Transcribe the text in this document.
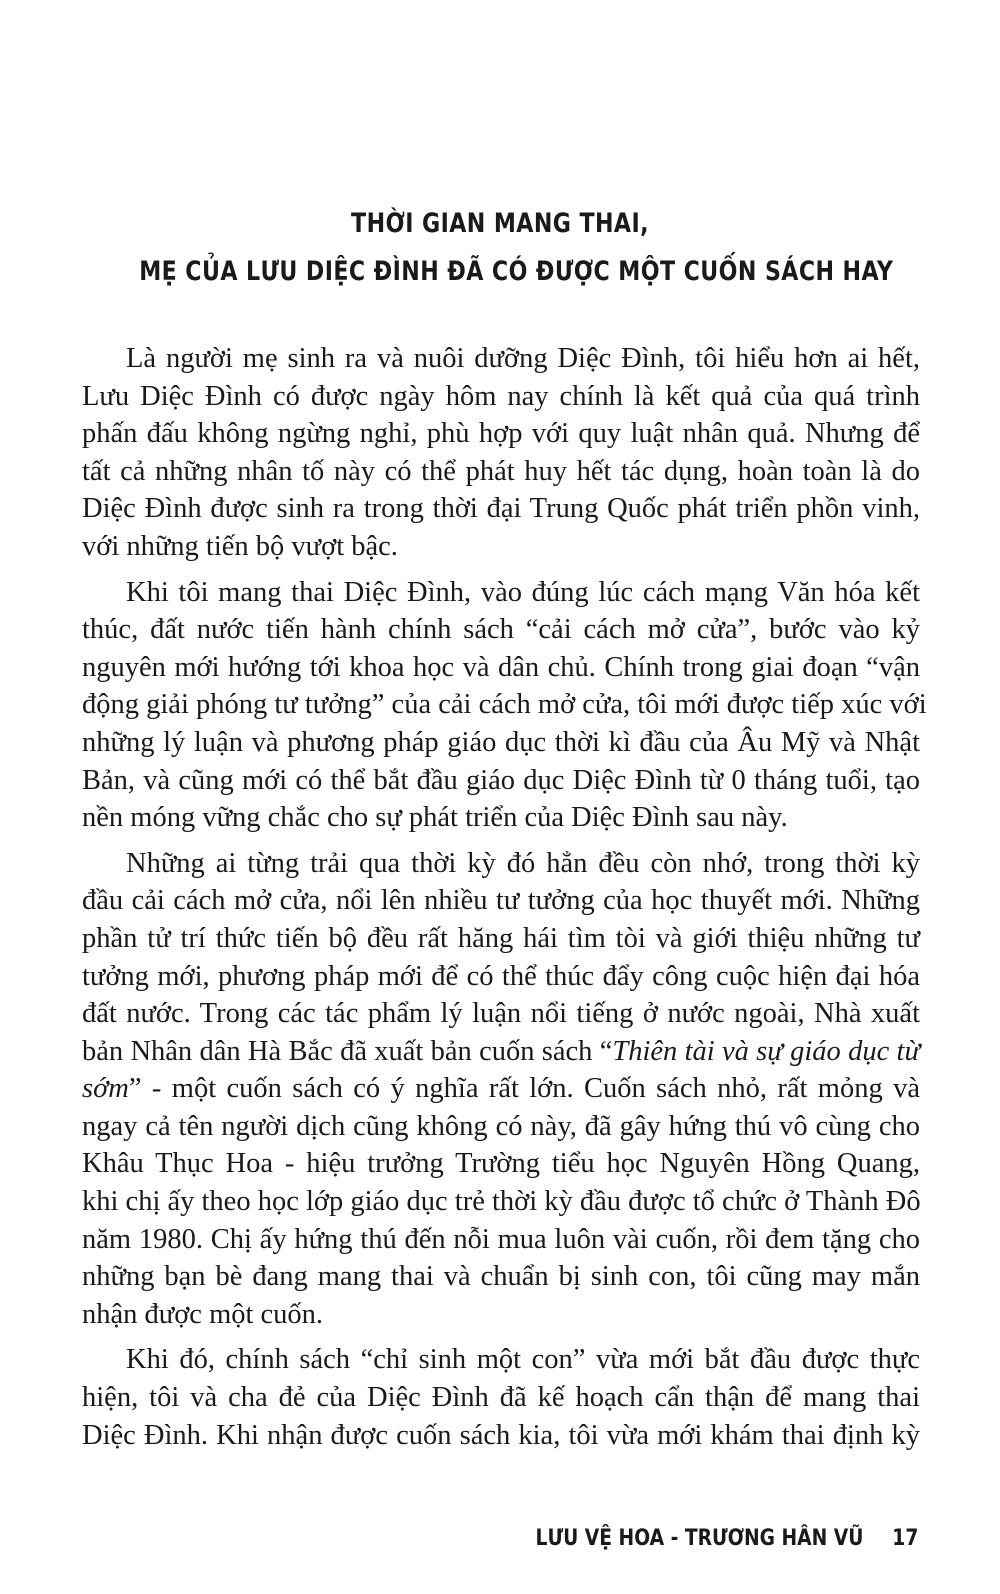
THỜI GIAN MANG THAI,
MẸ CỦA LƯU DIỆC ĐÌNH ĐÃ CÓ ĐƯỢC MỘT CUỐN SÁCH HAY

Là người mẹ sinh ra và nuôi dưỡng Diệc Đình, tôi hiểu hơn ai hết,
Lưu Diệc Đình có được ngày hôm nay chính là kết quả của quá trình
phấn đấu không ngừng nghỉ, phù hợp với quy luật nhân quả. Nhưng để
tất cả những nhân tố này có thể phát huy hết tác dụng, hoàn toàn là do
Diệc Đình được sinh ra trong thời đại Trung Quốc phát triển phồn vinh,
với những tiến bộ vượt bậc.

Khi tôi mang thai Diệc Đình, vào đúng lúc cách mạng Văn hóa kết
thúc, đất nước tiến hành chính sách “cải cách mở cửa”, bước vào kỷ
nguyên mới hướng tới khoa học và dân chủ. Chính trong giai đoạn “vận
động giải phóng tư tưởng” của cải cách mở cửa, tôi mới được tiếp xúc với
những lý luận và phương pháp giáo dục thời kì đầu của Âu Mỹ và Nhật
Bản, và cũng mới có thể bắt đầu giáo dục Diệc Đình từ 0 tháng tuổi, tạo
nền móng vững chắc cho sự phát triển của Diệc Đình sau này.

Những ai từng trải qua thời kỳ đó hẳn đều còn nhớ, trong thời kỳ
đầu cải cách mở cửa, nổi lên nhiều tư tưởng của học thuyết mới. Những
phần tử trí thức tiến bộ đều rất hăng hái tìm tòi và giới thiệu những tư
tưởng mới, phương pháp mới để có thể thúc đẩy công cuộc hiện đại hóa
đất nước. Trong các tác phẩm lý luận nổi tiếng ở nước ngoài, Nhà xuất
bản Nhân dân Hà Bắc đã xuất bản cuốn sách “Thiên tài và sự giáo dục từ
sớm” - một cuốn sách có ý nghĩa rất lớn. Cuốn sách nhỏ, rất mỏng và
ngay cả tên người dịch cũng không có này, đã gây hứng thú vô cùng cho
Khâu Thục Hoa - hiệu trưởng Trường tiểu học Nguyên Hồng Quang,
khi chị ấy theo học lớp giáo dục trẻ thời kỳ đầu được tổ chức ở Thành Đô
năm 1980. Chị ấy hứng thú đến nỗi mua luôn vài cuốn, rồi đem tặng cho
những bạn bè đang mang thai và chuẩn bị sinh con, tôi cũng may mắn
nhận được một cuốn.

Khi đó, chính sách “chỉ sinh một con” vừa mới bắt đầu được thực
hiện, tôi và cha đẻ của Diệc Đình đã kế hoạch cẩn thận để mang thai
Diệc Đình. Khi nhận được cuốn sách kia, tôi vừa mới khám thai định kỳ

LƯU VỆ HOA - TRƯƠNG HÂN VŨ 17
